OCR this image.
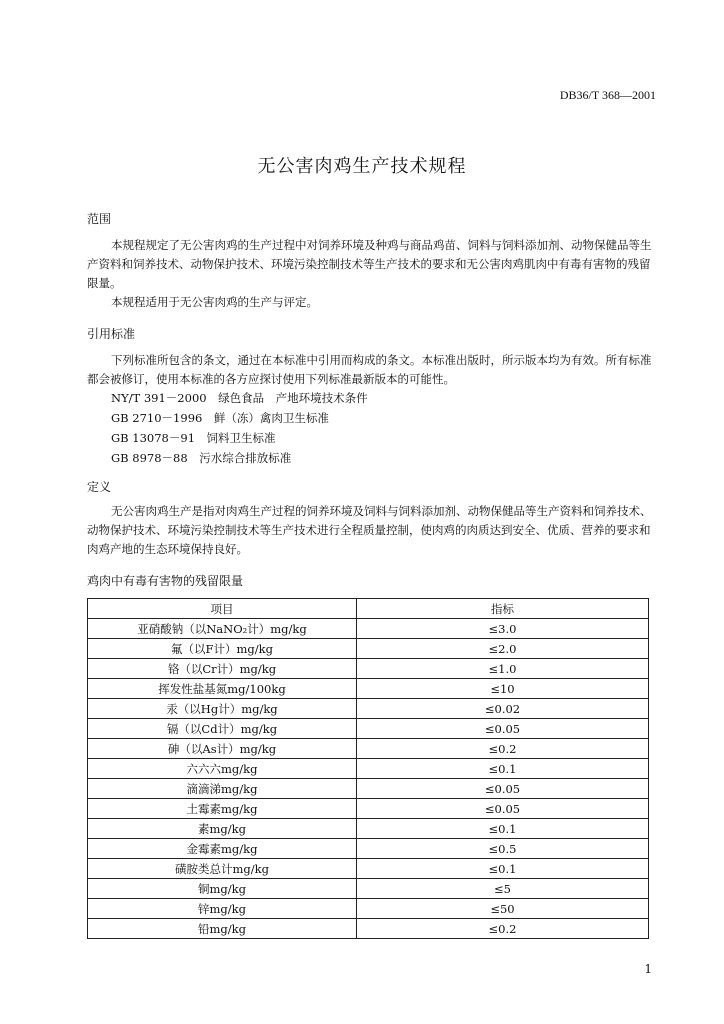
DB36/T 368—2001
无公害肉鸡生产技术规程
范围

本规程规定了无公害肉鸡的生产过程中对饲养环境及种鸡与商品鸡苗、饲料与饲料添加剂、动物保健品等生产资料和饲养技术、动物保护技术、环境污染控制技术等生产技术的要求和无公害肉鸡肌肉中有毒有害物的残留限量。

本规程适用于无公害肉鸡的生产与评定。

引用标准

下列标准所包含的条文，通过在本标准中引用而构成的条文。本标准出版时，所示版本均为有效。所有标准都会被修订，使用本标准的各方应探讨使用下列标准最新版本的可能性。

NY/T 391－2000　绿色食品　产地环境技术条件
GB 2710－1996　鲜（冻）禽肉卫生标准
GB 13078－91　饲料卫生标准
GB 8978－88　污水综合排放标准
定义

无公害肉鸡生产是指对肉鸡生产过程的饲养环境及饲料与饲料添加剂、动物保健品等生产资料和饲养技术、动物保护技术、环境污染控制技术等生产技术进行全程质量控制，使肉鸡的肉质达到安全、优质、营养的要求和肉鸡产地的生态环境保持良好。

鸡肉中有毒有害物的残留限量
项目	指标
亚硝酸钠（以NaNO₂计）mg/kg	≤3.0
氟（以F计）mg/kg	≤2.0
铬（以Cr计）mg/kg	≤1.0
挥发性盐基氮mg/100kg	≤10
汞（以Hg计）mg/kg	≤0.02
镉（以Cd计）mg/kg	≤0.05
砷（以As计）mg/kg	≤0.2
六六六mg/kg	≤0.1
滴滴涕mg/kg	≤0.05
土霉素mg/kg	≤0.05
素mg/kg	≤0.1
金霉素mg/kg	≤0.5
磺胺类总计mg/kg	≤0.1
铜mg/kg	≤5
锌mg/kg	≤50
铅mg/kg	≤0.2
1
